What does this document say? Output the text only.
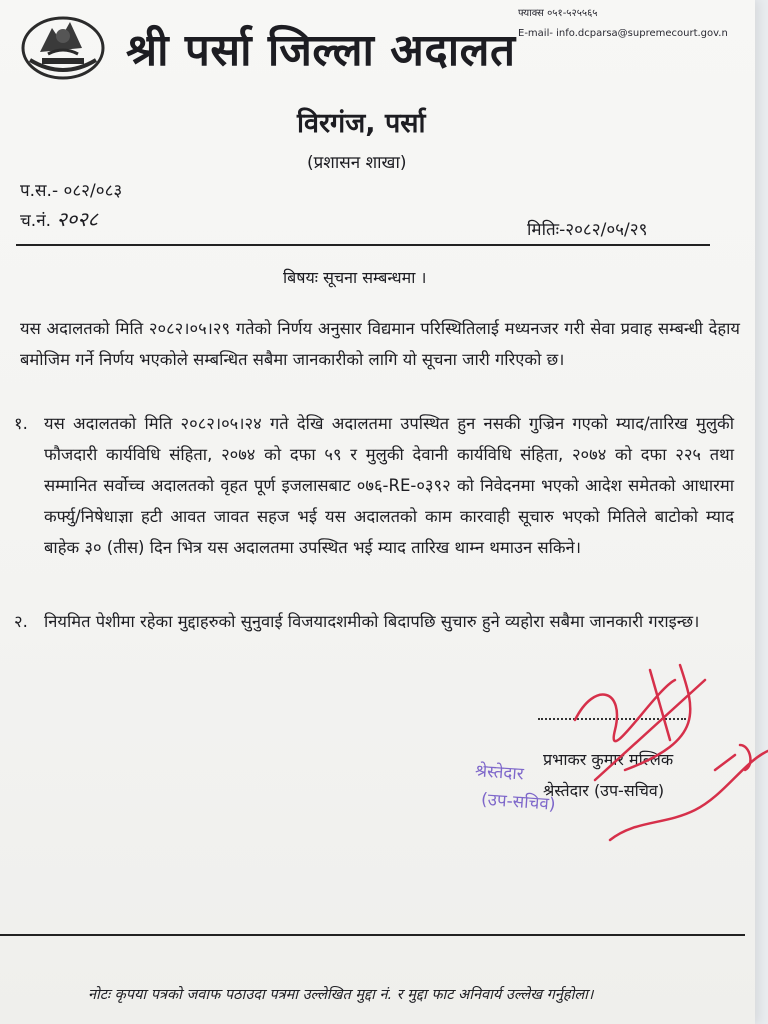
फ्याक्स ०५१-५२५५६५
E-mail- info.dcparsa@supremecourt.gov.n
श्री पर्सा जिल्ला अदालत
विरगंज, पर्सा
(प्रशासन शाखा)
प.स.- ०८२/०८३
च.नं. २०२८	मितिः-२०८२/०५/२९
बिषयः सूचना सम्बन्धमा ।
यस अदालतको मिति २०८२।०५।२९ गतेको निर्णय अनुसार विद्यमान परिस्थितिलाई मध्यनजर गरी सेवा प्रवाह सम्बन्धी देहाय बमोजिम गर्ने निर्णय भएकोले सम्बन्धित सबैमा जानकारीको लागि यो सूचना जारी गरिएको छ।
१. यस अदालतको मिति २०८२।०५।२४ गते देखि अदालतमा उपस्थित हुन नसकी गुज्रिन गएको म्याद/तारिख मुलुकी फौजदारी कार्यविधि संहिता, २०७४ को दफा ५९ र मुलुकी देवानी कार्यविधि संहिता, २०७४ को दफा २२५ तथा सम्मानित सर्वोच्च अदालतको वृहत पूर्ण इजलासबाट ०७६-RE-०३९२ को निवेदनमा भएको आदेश समेतको आधारमा कर्फ्यु/निषेधाज्ञा हटी आवत जावत सहज भई यस अदालतको काम कारवाही सूचारु भएको मितिले बाटोको म्याद बाहेक ३० (तीस) दिन भित्र यस अदालतमा उपस्थित भई म्याद तारिख थाम्न थमाउन सकिने।
२. नियमित पेशीमा रहेका मुद्दाहरुको सुनुवाई विजयादशमीको बिदापछि सुचारु हुने व्यहोरा सबैमा जानकारी गराइन्छ।
प्रभाकर कुमार मल्लिक
श्रेस्तेदार (उप-सचिव)
श्रेस्तेदार
(उप-सचिव)
नोटः कृपया पत्रको जवाफ पठाउदा पत्रमा उल्लेखित मुद्दा नं. र मुद्दा फाट अनिवार्य उल्लेख गर्नुहोला।
